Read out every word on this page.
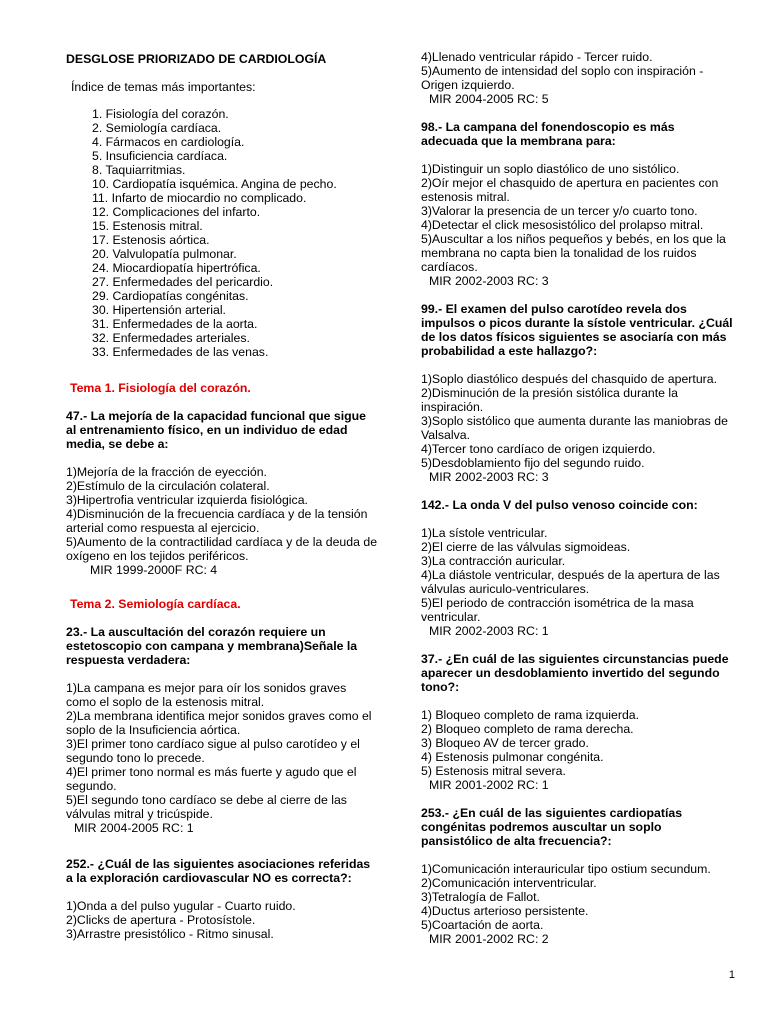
DESGLOSE PRIORIZADO DE CARDIOLOGÍA

Índice de temas más importantes:

1. Fisiología del corazón.
2. Semiología cardíaca.
4. Fármacos en cardiología.
5. Insuficiencia cardíaca.
8. Taquiarritmias.
10. Cardiopatía isquémica. Angina de pecho.
11. Infarto de miocardio no complicado.
12. Complicaciones del infarto.
15. Estenosis mitral.
17. Estenosis aórtica.
20. Valvulopatía pulmonar.
24. Miocardiopatía hipertrófica.
27. Enfermedades del pericardio.
29. Cardiopatías congénitas.
30. Hipertensión arterial.
31. Enfermedades de la aorta.
32. Enfermedades arteriales.
33. Enfermedades de las venas.

Tema 1. Fisiología del corazón.

47.- La mejoría de la capacidad funcional que sigue al entrenamiento físico, en un individuo de edad media, se debe a:

1)Mejoría de la fracción de eyección.
2)Estímulo de la circulación colateral.
3)Hipertrofia ventricular izquierda fisiológica.
4)Disminución de la frecuencia cardíaca y de la tensión arterial como respuesta al ejercicio.
5)Aumento de la contractilidad cardíaca y de la deuda de oxígeno en los tejidos periféricos.
MIR 1999-2000F RC: 4

Tema 2. Semiología cardíaca.

23.- La auscultación del corazón requiere un estetoscopio con campana y membrana)Señale la respuesta verdadera:

1)La campana es mejor para oír los sonidos graves como el soplo de la estenosis mitral.
2)La membrana identifica mejor sonidos graves como el soplo de la Insuficiencia aórtica.
3)El primer tono cardíaco sigue al pulso carotídeo y el segundo tono lo precede.
4)El primer tono normal es más fuerte y agudo que el segundo.
5)El segundo tono cardíaco se debe al cierre de las válvulas mitral y tricúspide.
MIR 2004-2005 RC: 1

252.- ¿Cuál de las siguientes asociaciones referidas a la exploración cardiovascular NO es correcta?:

1)Onda a del pulso yugular - Cuarto ruido.
2)Clicks de apertura - Protosístole.
3)Arrastre presistólico - Ritmo sinusal.
4)Llenado ventricular rápido - Tercer ruido.
5)Aumento de intensidad del soplo con inspiración - Origen izquierdo.
MIR 2004-2005 RC: 5

98.- La campana del fonendoscopio es más adecuada que la membrana para:

1)Distinguir un soplo diastólico de uno sistólico.
2)Oír mejor el chasquido de apertura en pacientes con estenosis mitral.
3)Valorar la presencia de un tercer y/o cuarto tono.
4)Detectar el click mesosistólico del prolapso mitral.
5)Auscultar a los niños pequeños y bebés, en los que la membrana no capta bien la tonalidad de los ruidos cardíacos.
MIR 2002-2003 RC: 3

99.- El examen del pulso carotídeo revela dos impulsos o picos durante la sístole ventricular. ¿Cuál de los datos físicos siguientes se asociaría con más probabilidad a este hallazgo?:

1)Soplo diastólico después del chasquido de apertura.
2)Disminución de la presión sistólica durante la inspiración.
3)Soplo sistólico que aumenta durante las maniobras de Valsalva.
4)Tercer tono cardíaco de origen izquierdo.
5)Desdoblamiento fijo del segundo ruido.
MIR 2002-2003 RC: 3

142.- La onda V del pulso venoso coincide con:

1)La sístole ventricular.
2)El cierre de las válvulas sigmoideas.
3)La contracción auricular.
4)La diástole ventricular, después de la apertura de las válvulas auriculo-ventriculares.
5)El periodo de contracción isométrica de la masa ventricular.
MIR 2002-2003 RC: 1

37.- ¿En cuál de las siguientes circunstancias puede aparecer un desdoblamiento invertido del segundo tono?:

1) Bloqueo completo de rama izquierda.
2) Bloqueo completo de rama derecha.
3) Bloqueo AV de tercer grado.
4) Estenosis pulmonar congénita.
5) Estenosis mitral severa.
MIR 2001-2002 RC: 1

253.- ¿En cuál de las siguientes cardiopatías congénitas podremos auscultar un soplo pansistólico de alta frecuencia?:

1)Comunicación interauricular tipo ostium secundum.
2)Comunicación interventricular.
3)Tetralogía de Fallot.
4)Ductus arterioso persistente.
5)Coartación de aorta.
MIR 2001-2002 RC: 2
1
